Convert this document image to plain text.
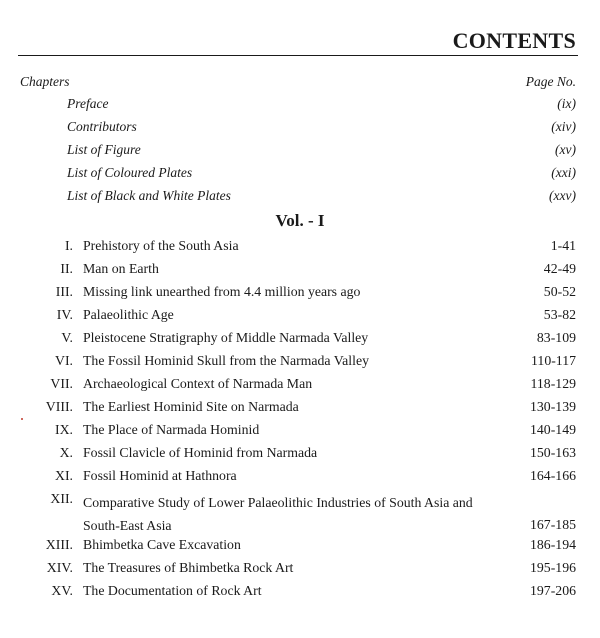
CONTENTS
Chapters	Page No.
Preface	(ix)
Contributors	(xiv)
List of Figure	(xv)
List of Coloured Plates	(xxi)
List of Black and White Plates	(xxv)
Vol. - I
I. Prehistory of the South Asia	1-41
II. Man on Earth	42-49
III. Missing link unearthed from 4.4 million years ago	50-52
IV. Palaeolithic Age	53-82
V. Pleistocene Stratigraphy of Middle Narmada Valley	83-109
VI. The Fossil Hominid Skull from the Narmada Valley	110-117
VII. Archaeological Context of Narmada Man	118-129
VIII. The Earliest Hominid Site on Narmada	130-139
IX. The Place of Narmada Hominid	140-149
X. Fossil Clavicle of Hominid from Narmada	150-163
XI. Fossil Hominid at Hathnora	164-166
XII. Comparative Study of Lower Palaeolithic Industries of South Asia and
South-East Asia	167-185
XIII. Bhimbetka Cave Excavation	186-194
XIV. The Treasures of Bhimbetka Rock Art	195-196
XV. The Documentation of Rock Art	197-206
